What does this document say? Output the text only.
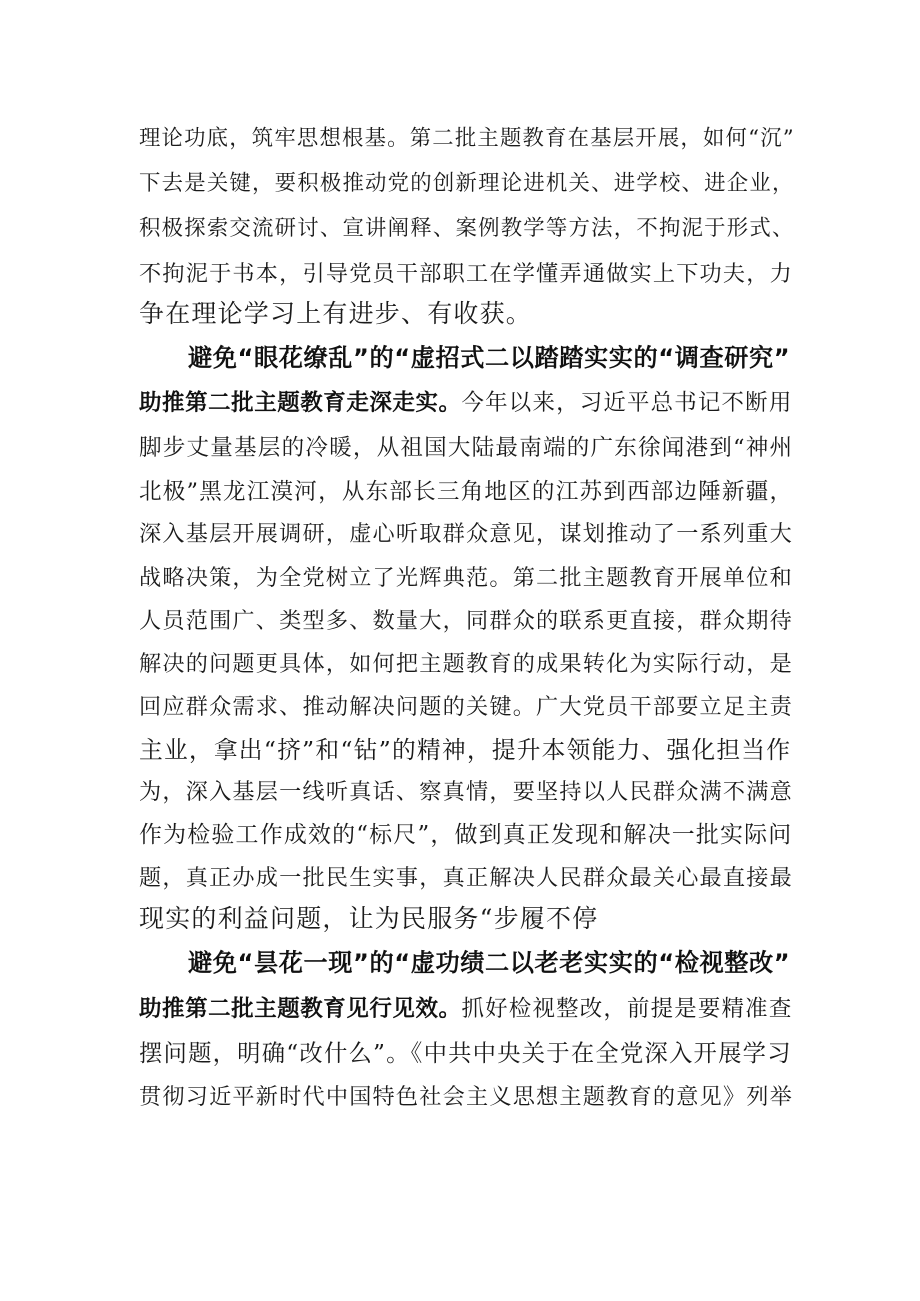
理论功底，筑牢思想根基。第二批主题教育在基层开展，如何“沉”

下去是关键，要积极推动党的创新理论进机关、进学校、进企业，

积极探索交流研讨、宣讲阐释、案例教学等方法，不拘泥于形式、

不拘泥于书本，引导党员干部职工在学懂弄通做实上下功夫，力

争在理论学习上有进步、有收获。

避免“眼花缭乱”的“虚招式二以踏踏实实的“调查研究”

助推第二批主题教育走深走实。今年以来，习近平总书记不断用

脚步丈量基层的冷暖，从祖国大陆最南端的广东徐闻港到“神州

北极”黑龙江漠河，从东部长三角地区的江苏到西部边陲新疆，

深入基层开展调研，虚心听取群众意见，谋划推动了一系列重大

战略决策，为全党树立了光辉典范。第二批主题教育开展单位和

人员范围广、类型多、数量大，同群众的联系更直接，群众期待

解决的问题更具体，如何把主题教育的成果转化为实际行动，是

回应群众需求、推动解决问题的关键。广大党员干部要立足主责

主业，拿出“挤”和“钻”的精神，提升本领能力、强化担当作

为，深入基层一线听真话、察真情，要坚持以人民群众满不满意

作为检验工作成效的“标尺”，做到真正发现和解决一批实际问

题，真正办成一批民生实事，真正解决人民群众最关心最直接最

现实的利益问题，让为民服务“步履不停

避免“昙花一现”的“虚功绩二以老老实实的“检视整改”

助推第二批主题教育见行见效。抓好检视整改，前提是要精准查

摆问题，明确“改什么”。《中共中央关于在全党深入开展学习

贯彻习近平新时代中国特色社会主义思想主题教育的意见》列举
